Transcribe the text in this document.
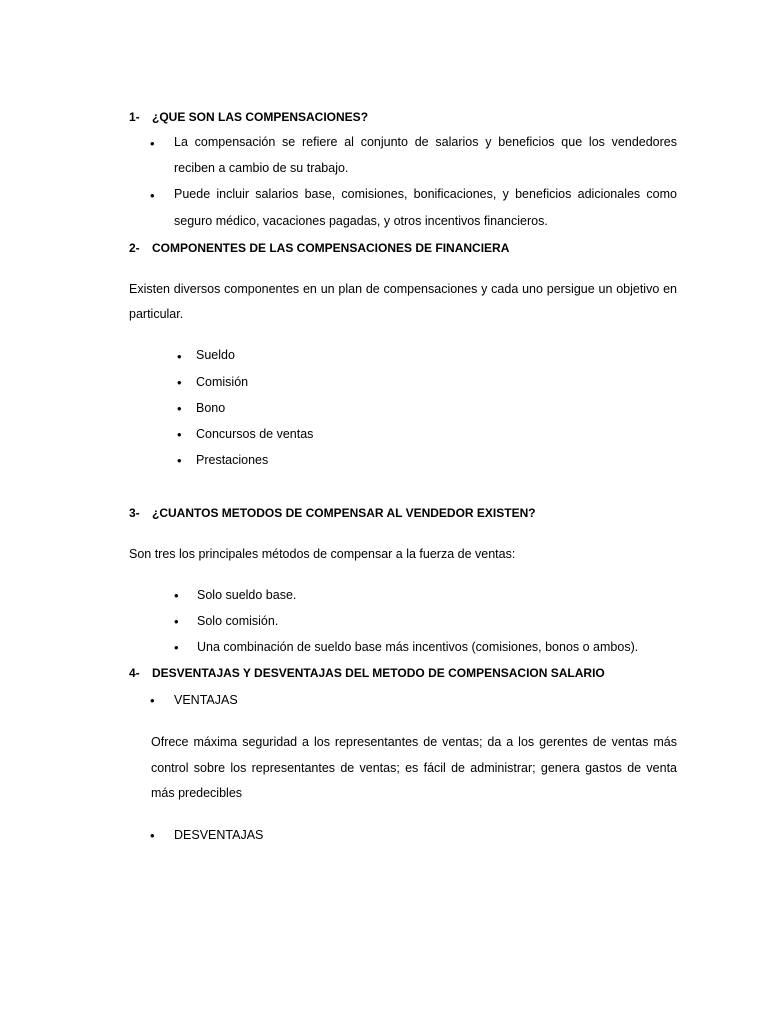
1- ¿QUE SON LAS COMPENSACIONES?
• La compensación se refiere al conjunto de salarios y beneficios que los vendedores
reciben a cambio de su trabajo.
• Puede incluir salarios base, comisiones, bonificaciones, y beneficios adicionales como
seguro médico, vacaciones pagadas, y otros incentivos financieros.
2- COMPONENTES DE LAS COMPENSACIONES DE FINANCIERA
Existen diversos componentes en un plan de compensaciones y cada uno persigue un objetivo en
particular.
• Sueldo
• Comisión
• Bono
• Concursos de ventas
• Prestaciones
3- ¿CUANTOS METODOS DE COMPENSAR AL VENDEDOR EXISTEN?
Son tres los principales métodos de compensar a la fuerza de ventas:
• Solo sueldo base.
• Solo comisión.
• Una combinación de sueldo base más incentivos (comisiones, bonos o ambos).
4- DESVENTAJAS Y DESVENTAJAS DEL METODO DE COMPENSACION SALARIO
• VENTAJAS
Ofrece máxima seguridad a los representantes de ventas; da a los gerentes de ventas más
control sobre los representantes de ventas; es fácil de administrar; genera gastos de venta
más predecibles
• DESVENTAJAS
